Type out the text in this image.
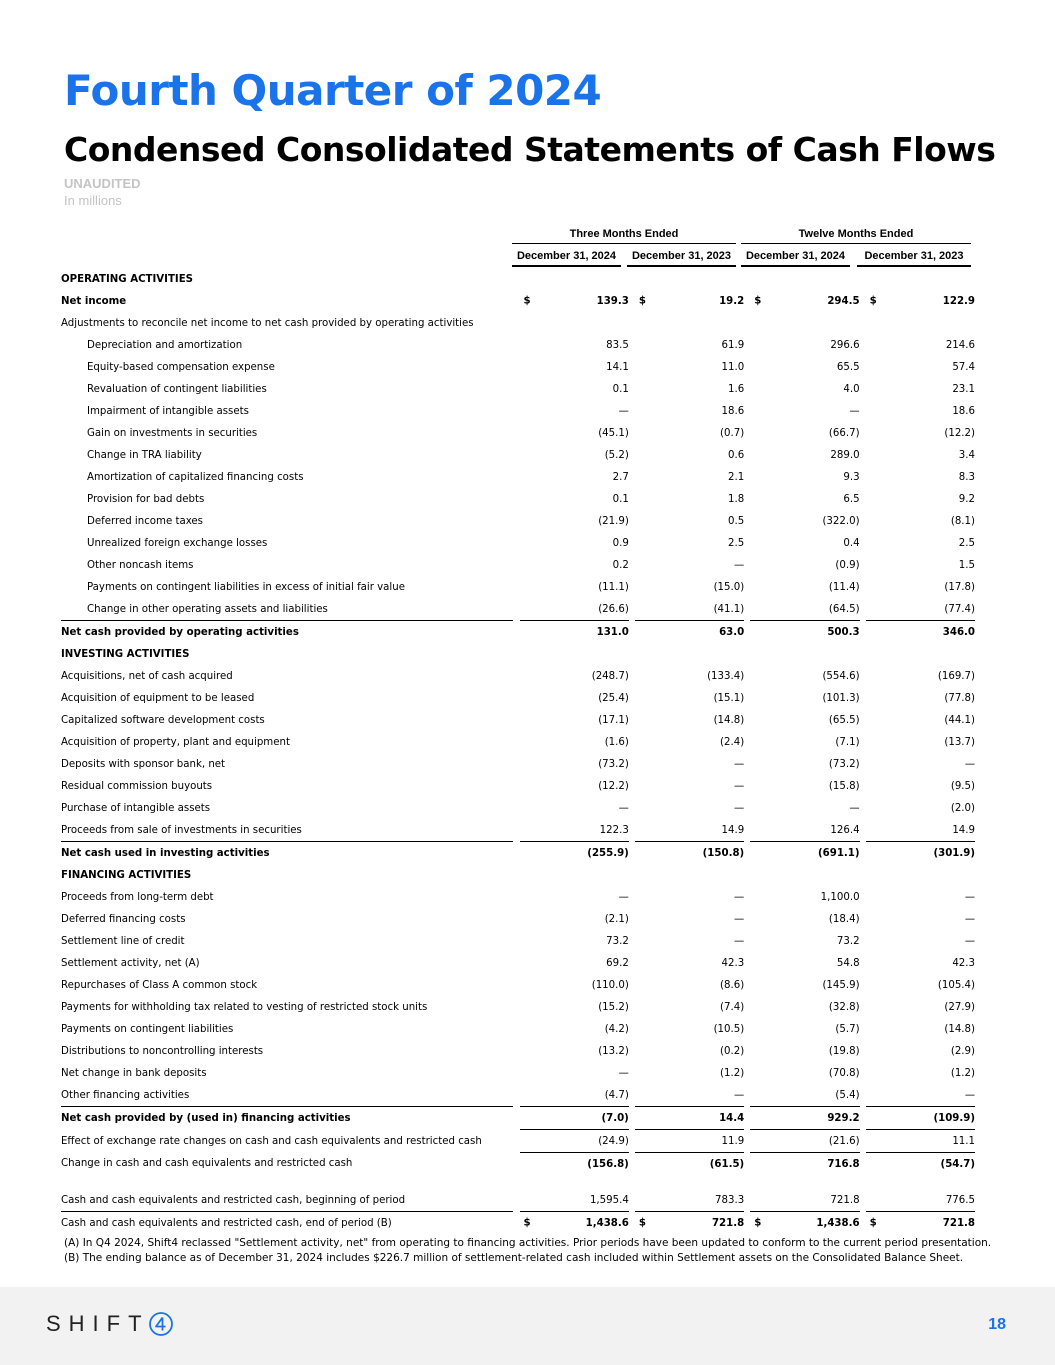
Fourth Quarter of 2024
Condensed Consolidated Statements of Cash Flows
UNAUDITED
In millions
Three Months Ended	Twelve Months Ended
December 31, 2024	December 31, 2023	December 31, 2024	December 31, 2023
OPERATING ACTIVITIES								
Net income		$ 139.3		$ 19.2		$ 294.5		$ 122.9
Adjustments to reconcile net income to net cash provided by operating activities								
Depreciation and amortization		83.5		61.9		296.6		214.6
Equity-based compensation expense		14.1		11.0		65.5		57.4
Revaluation of contingent liabilities		0.1		1.6		4.0		23.1
Impairment of intangible assets		—		18.6		—		18.6
Gain on investments in securities		(45.1)		(0.7)		(66.7)		(12.2)
Change in TRA liability		(5.2)		0.6		289.0		3.4
Amortization of capitalized financing costs		2.7		2.1		9.3		8.3
Provision for bad debts		0.1		1.8		6.5		9.2
Deferred income taxes		(21.9)		0.5		(322.0)		(8.1)
Unrealized foreign exchange losses		0.9		2.5		0.4		2.5
Other noncash items		0.2		—		(0.9)		1.5
Payments on contingent liabilities in excess of initial fair value		(11.1)		(15.0)		(11.4)		(17.8)
Change in other operating assets and liabilities		(26.6)		(41.1)		(64.5)		(77.4)
Net cash provided by operating activities		131.0		63.0		500.3		346.0
INVESTING ACTIVITIES								
Acquisitions, net of cash acquired		(248.7)		(133.4)		(554.6)		(169.7)
Acquisition of equipment to be leased		(25.4)		(15.1)		(101.3)		(77.8)
Capitalized software development costs		(17.1)		(14.8)		(65.5)		(44.1)
Acquisition of property, plant and equipment		(1.6)		(2.4)		(7.1)		(13.7)
Deposits with sponsor bank, net		(73.2)		—		(73.2)		—
Residual commission buyouts		(12.2)		—		(15.8)		(9.5)
Purchase of intangible assets		—		—		—		(2.0)
Proceeds from sale of investments in securities		122.3		14.9		126.4		14.9
Net cash used in investing activities		(255.9)		(150.8)		(691.1)		(301.9)
FINANCING ACTIVITIES								
Proceeds from long-term debt		—		—		1,100.0		—
Deferred financing costs		(2.1)		—		(18.4)		—
Settlement line of credit		73.2		—		73.2		—
Settlement activity, net (A)		69.2		42.3		54.8		42.3
Repurchases of Class A common stock		(110.0)		(8.6)		(145.9)		(105.4)
Payments for withholding tax related to vesting of restricted stock units		(15.2)		(7.4)		(32.8)		(27.9)
Payments on contingent liabilities		(4.2)		(10.5)		(5.7)		(14.8)
Distributions to noncontrolling interests		(13.2)		(0.2)		(19.8)		(2.9)
Net change in bank deposits		—		(1.2)		(70.8)		(1.2)
Other financing activities		(4.7)		—		(5.4)		—
Net cash provided by (used in) financing activities		(7.0)		14.4		929.2		(109.9)
Effect of exchange rate changes on cash and cash equivalents and restricted cash		(24.9)		11.9		(21.6)		11.1
Change in cash and cash equivalents and restricted cash		(156.8)		(61.5)		716.8		(54.7)

Cash and cash equivalents and restricted cash, beginning of period		1,595.4		783.3		721.8		776.5
Cash and cash equivalents and restricted cash, end of period (B)		$ 1,438.6		$ 721.8		$ 1,438.6		$ 721.8
(A) In Q4 2024, Shift4 reclassed "Settlement activity, net" from operating to financing activities. Prior periods have been updated to conform to the current period presentation.
(B) The ending balance as of December 31, 2024 includes $226.7 million of settlement-related cash included within Settlement assets on the Consolidated Balance Sheet.
SHIFT	18
